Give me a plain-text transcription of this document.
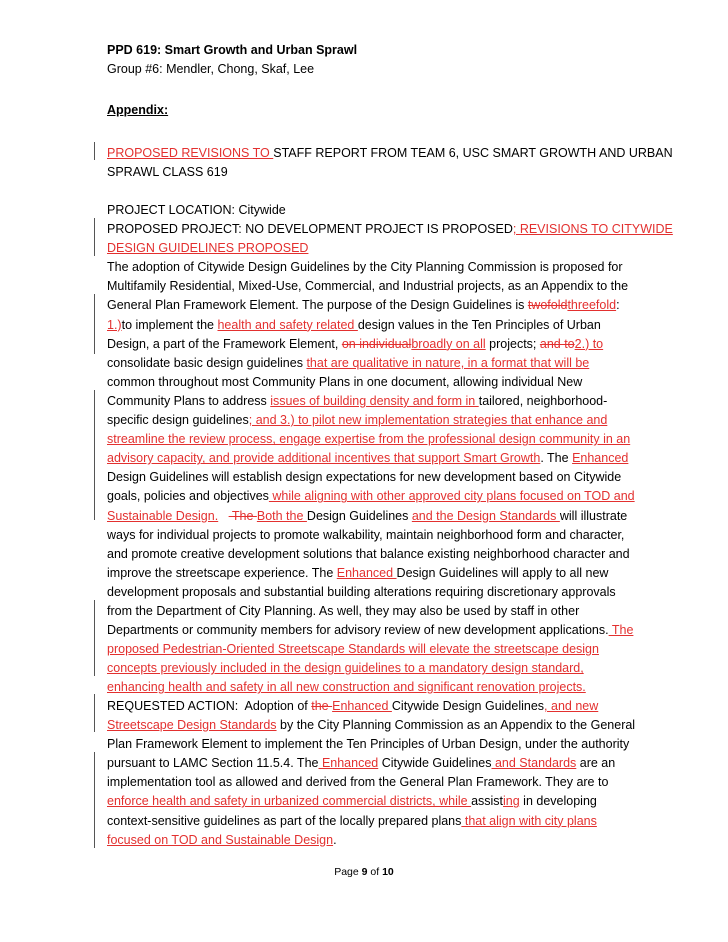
PPD 619: Smart Growth and Urban Sprawl
Group #6: Mendler, Chong, Skaf, Lee
Appendix:
PROPOSED REVISIONS TO STAFF REPORT FROM TEAM 6, USC SMART GROWTH AND URBAN
SPRAWL CLASS 619
PROJECT LOCATION: Citywide
PROPOSED PROJECT: NO DEVELOPMENT PROJECT IS PROPOSED; REVISIONS TO CITYWIDE
DESIGN GUIDELINES PROPOSED
The adoption of Citywide Design Guidelines by the City Planning Commission is proposed for
Multifamily Residential, Mixed-Use, Commercial, and Industrial projects, as an Appendix to the
General Plan Framework Element. The purpose of the Design Guidelines is twofoldthreefold:
1.)to implement the health and safety related design values in the Ten Principles of Urban
Design, a part of the Framework Element, on individualbroadly on all projects; and to2.) to
consolidate basic design guidelines that are qualitative in nature, in a format that will be
common throughout most Community Plans in one document, allowing individual New
Community Plans to address issues of building density and form in tailored, neighborhood-
specific design guidelines; and 3.) to pilot new implementation strategies that enhance and
streamline the review process, engage expertise from the professional design community in an
advisory capacity, and provide additional incentives that support Smart Growth. The Enhanced
Design Guidelines will establish design expectations for new development based on Citywide
goals, policies and objectives while aligning with other approved city plans focused on TOD and
Sustainable Design.    The Both the Design Guidelines and the Design Standards will illustrate
ways for individual projects to promote walkability, maintain neighborhood form and character,
and promote creative development solutions that balance existing neighborhood character and
improve the streetscape experience. The Enhanced Design Guidelines will apply to all new
development proposals and substantial building alterations requiring discretionary approvals
from the Department of City Planning. As well, they may also be used by staff in other
Departments or community members for advisory review of new development applications. The
proposed Pedestrian-Oriented Streetscape Standards will elevate the streetscape design
concepts previously included in the design guidelines to a mandatory design standard,
enhancing health and safety in all new construction and significant renovation projects.
REQUESTED ACTION:  Adoption of the Enhanced Citywide Design Guidelines, and new
Streetscape Design Standards by the City Planning Commission as an Appendix to the General
Plan Framework Element to implement the Ten Principles of Urban Design, under the authority
pursuant to LAMC Section 11.5.4. The Enhanced Citywide Guidelines and Standards are an
implementation tool as allowed and derived from the General Plan Framework. They are to
enforce health and safety in urbanized commercial districts, while assisting in developing
context-sensitive guidelines as part of the locally prepared plans that align with city plans
focused on TOD and Sustainable Design.
Page 9 of 10
